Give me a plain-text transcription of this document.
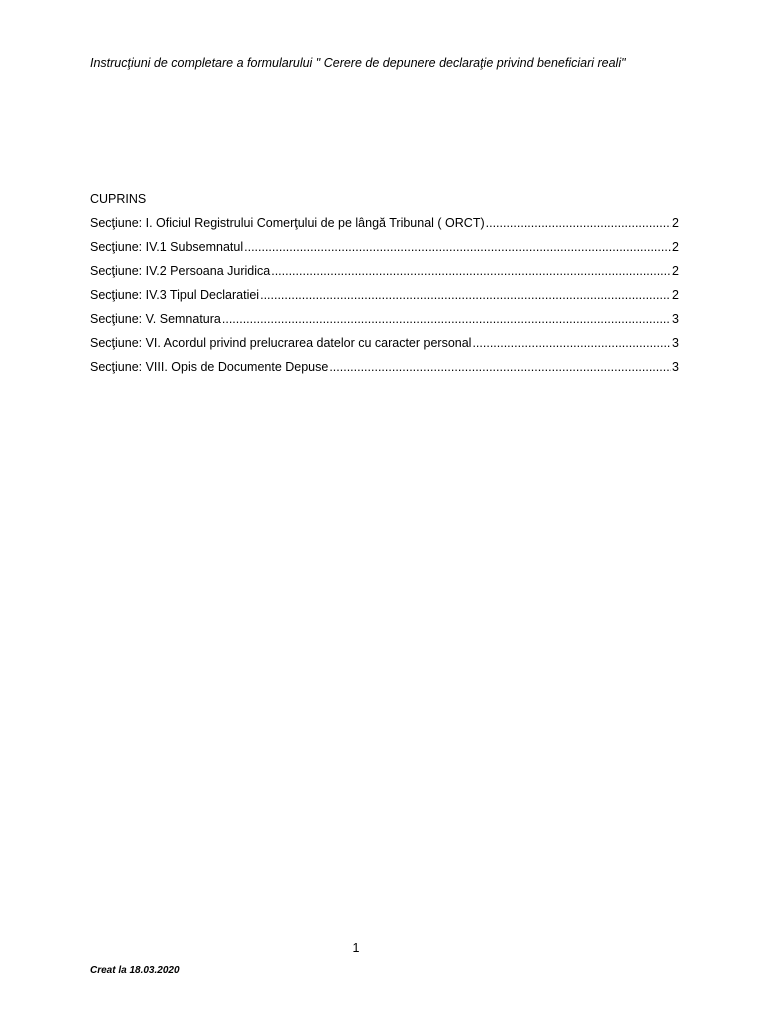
Instrucţiuni de completare a formularului " Cerere de depunere declaraţie privind beneficiari reali"
CUPRINS
Secţiune: I. Oficiul Registrului Comerţului de pe lângă Tribunal ( ORCT) .....	2
Secţiune: IV.1 Subsemnatul .....	2
Secţiune: IV.2 Persoana Juridica .....	2
Secţiune: IV.3 Tipul Declaratiei .....	2
Secţiune: V. Semnatura .....	3
Secţiune: VI. Acordul privind prelucrarea datelor cu caracter personal .....	3
Secţiune: VIII. Opis de Documente Depuse .....	3
1
Creat la 18.03.2020
